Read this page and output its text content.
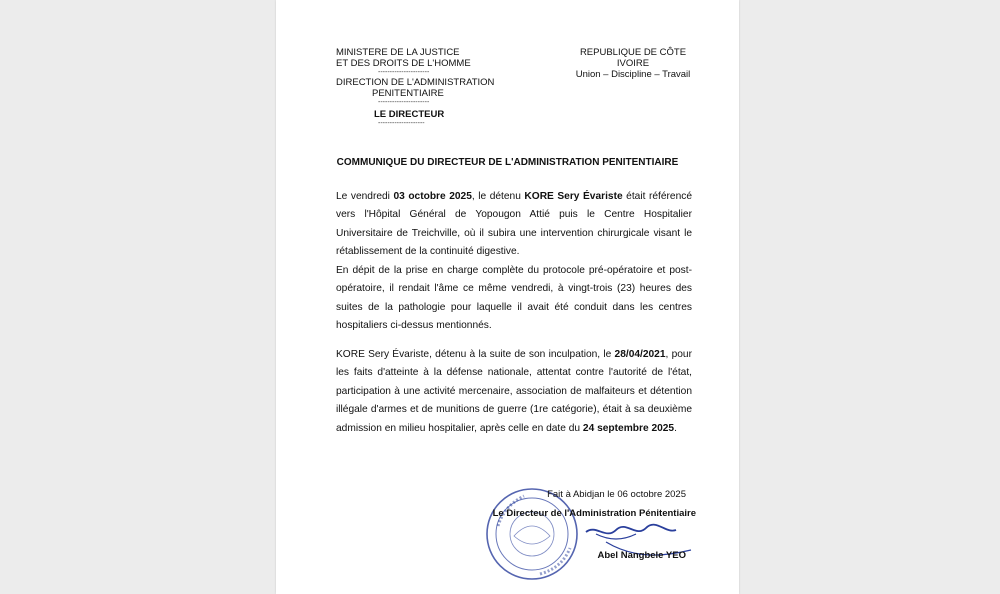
MINISTERE DE LA JUSTICE
ET DES DROITS DE L'HOMME
----------------------
DIRECTION DE L'ADMINISTRATION
PENITENTIAIRE
----------------------
LE DIRECTEUR
--------------------
REPUBLIQUE DE CÔTE IVOIRE
Union – Discipline – Travail
COMMUNIQUE DU DIRECTEUR DE L'ADMINISTRATION PENITENTIAIRE
Le vendredi 03 octobre 2025, le détenu KORE Sery Évariste était référencé vers l'Hôpital Général de Yopougon Attié puis le Centre Hospitalier Universitaire de Treichville, où il subira une intervention chirurgicale visant le rétablissement de la continuité digestive.
En dépit de la prise en charge complète du protocole pré-opératoire et post-opératoire, il rendait l'âme ce même vendredi, à vingt-trois (23) heures des suites de la pathologie pour laquelle il avait été conduit dans les centres hospitaliers ci-dessus mentionnés.
KORE Sery Évariste, détenu à la suite de son inculpation, le 28/04/2021, pour les faits d'atteinte à la défense nationale, attentat contre l'autorité de l'état, participation à une activité mercenaire, association de malfaiteurs et détention illégale d'armes et de munitions de guerre (1re catégorie), était à sa deuxième admission en milieu hospitalier, après celle en date du 24 septembre 2025.
Fait à Abidjan le 06 octobre 2025
Le Directeur de l'Administration Pénitentiaire
Abel Nangbele YEO
